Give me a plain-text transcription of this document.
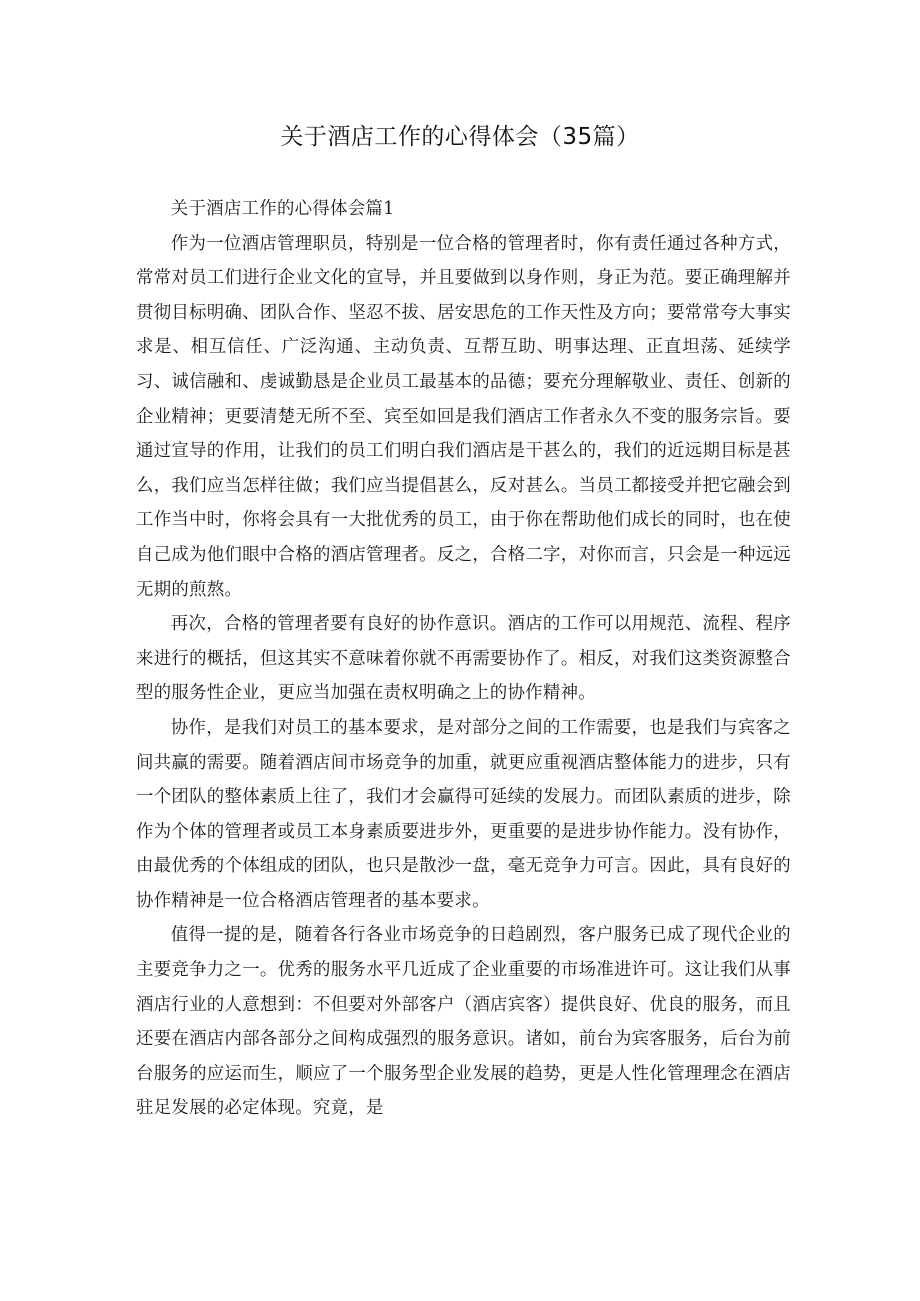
关于酒店工作的心得体会（35篇）
关于酒店工作的心得体会篇1

作为一位酒店管理职员，特别是一位合格的管理者时，你有责任通过各种方式，常常对员工们进行企业文化的宣导，并且要做到以身作则，身正为范。要正确理解并贯彻目标明确、团队合作、坚忍不拔、居安思危的工作天性及方向；要常常夸大事实求是、相互信任、广泛沟通、主动负责、互帮互助、明事达理、正直坦荡、延续学习、诚信融和、虔诚勤恳是企业员工最基本的品德；要充分理解敬业、责任、创新的企业精神；更要清楚无所不至、宾至如回是我们酒店工作者永久不变的服务宗旨。要通过宣导的作用，让我们的员工们明白我们酒店是干甚么的，我们的近远期目标是甚么，我们应当怎样往做；我们应当提倡甚么，反对甚么。当员工都接受并把它融会到工作当中时，你将会具有一大批优秀的员工，由于你在帮助他们成长的同时，也在使自己成为他们眼中合格的酒店管理者。反之，合格二字，对你而言，只会是一种远远无期的煎熬。

再次，合格的管理者要有良好的协作意识。酒店的工作可以用规范、流程、程序来进行的概括，但这其实不意味着你就不再需要协作了。相反，对我们这类资源整合型的服务性企业，更应当加强在责权明确之上的协作精神。

协作，是我们对员工的基本要求，是对部分之间的工作需要，也是我们与宾客之间共赢的需要。随着酒店间市场竞争的加重，就更应重视酒店整体能力的进步，只有一个团队的整体素质上往了，我们才会赢得可延续的发展力。而团队素质的进步，除作为个体的管理者或员工本身素质要进步外，更重要的是进步协作能力。没有协作，由最优秀的个体组成的团队，也只是散沙一盘，毫无竞争力可言。因此，具有良好的协作精神是一位合格酒店管理者的基本要求。

值得一提的是，随着各行各业市场竞争的日趋剧烈，客户服务已成了现代企业的主要竞争力之一。优秀的服务水平几近成了企业重要的市场准进许可。这让我们从事酒店行业的人意想到：不但要对外部客户（酒店宾客）提供良好、优良的服务，而且还要在酒店内部各部分之间构成强烈的服务意识。诸如，前台为宾客服务，后台为前台服务的应运而生，顺应了一个服务型企业发展的趋势，更是人性化管理理念在酒店驻足发展的必定体现。究竟，是
